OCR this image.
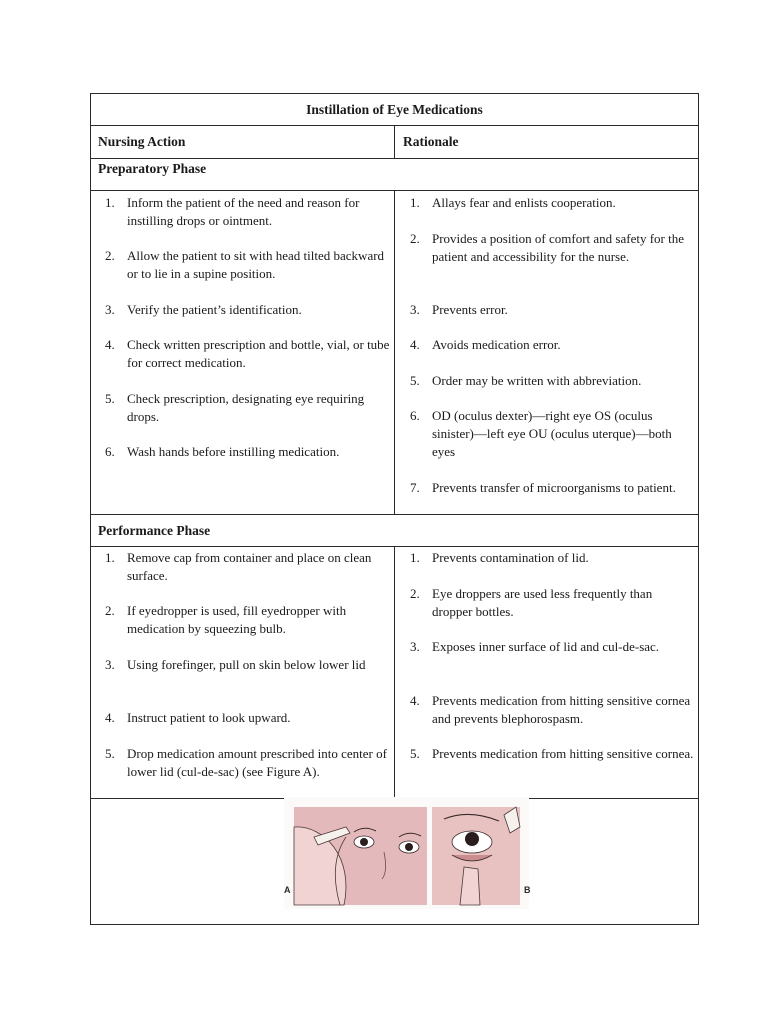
Instillation of Eye Medications
Nursing Action	Rationale
Preparatory Phase
1. Inform the patient of the need and reason for instilling drops or ointment.
2. Allow the patient to sit with head tilted backward or to lie in a supine position.
3. Verify the patient’s identification.
4. Check written prescription and bottle, vial, or tube for correct medication.
5. Check prescription, designating eye requiring drops.
6. Wash hands before instilling medication.
1. Allays fear and enlists cooperation.
2. Provides a position of comfort and safety for the patient and accessibility for the nurse.
3. Prevents error.
4. Avoids medication error.
5. Order may be written with abbreviation.
6. OD (oculus dexter)—right eye OS (oculus sinister)—left eye OU (oculus uterque)—both eyes
7. Prevents transfer of microorganisms to patient.
Performance Phase
1. Remove cap from container and place on clean surface.
2. If eyedropper is used, fill eyedropper with medication by squeezing bulb.
3. Using forefinger, pull on skin below lower lid
4. Instruct patient to look upward.
5. Drop medication amount prescribed into center of lower lid (cul-de-sac) (see Figure A).
1. Prevents contamination of lid.
2. Eye droppers are used less frequently than dropper bottles.
3. Exposes inner surface of lid and cul-de-sac.
4. Prevents medication from hitting sensitive cornea and prevents blephorospasm.
5. Prevents medication from hitting sensitive cornea.
A	B
